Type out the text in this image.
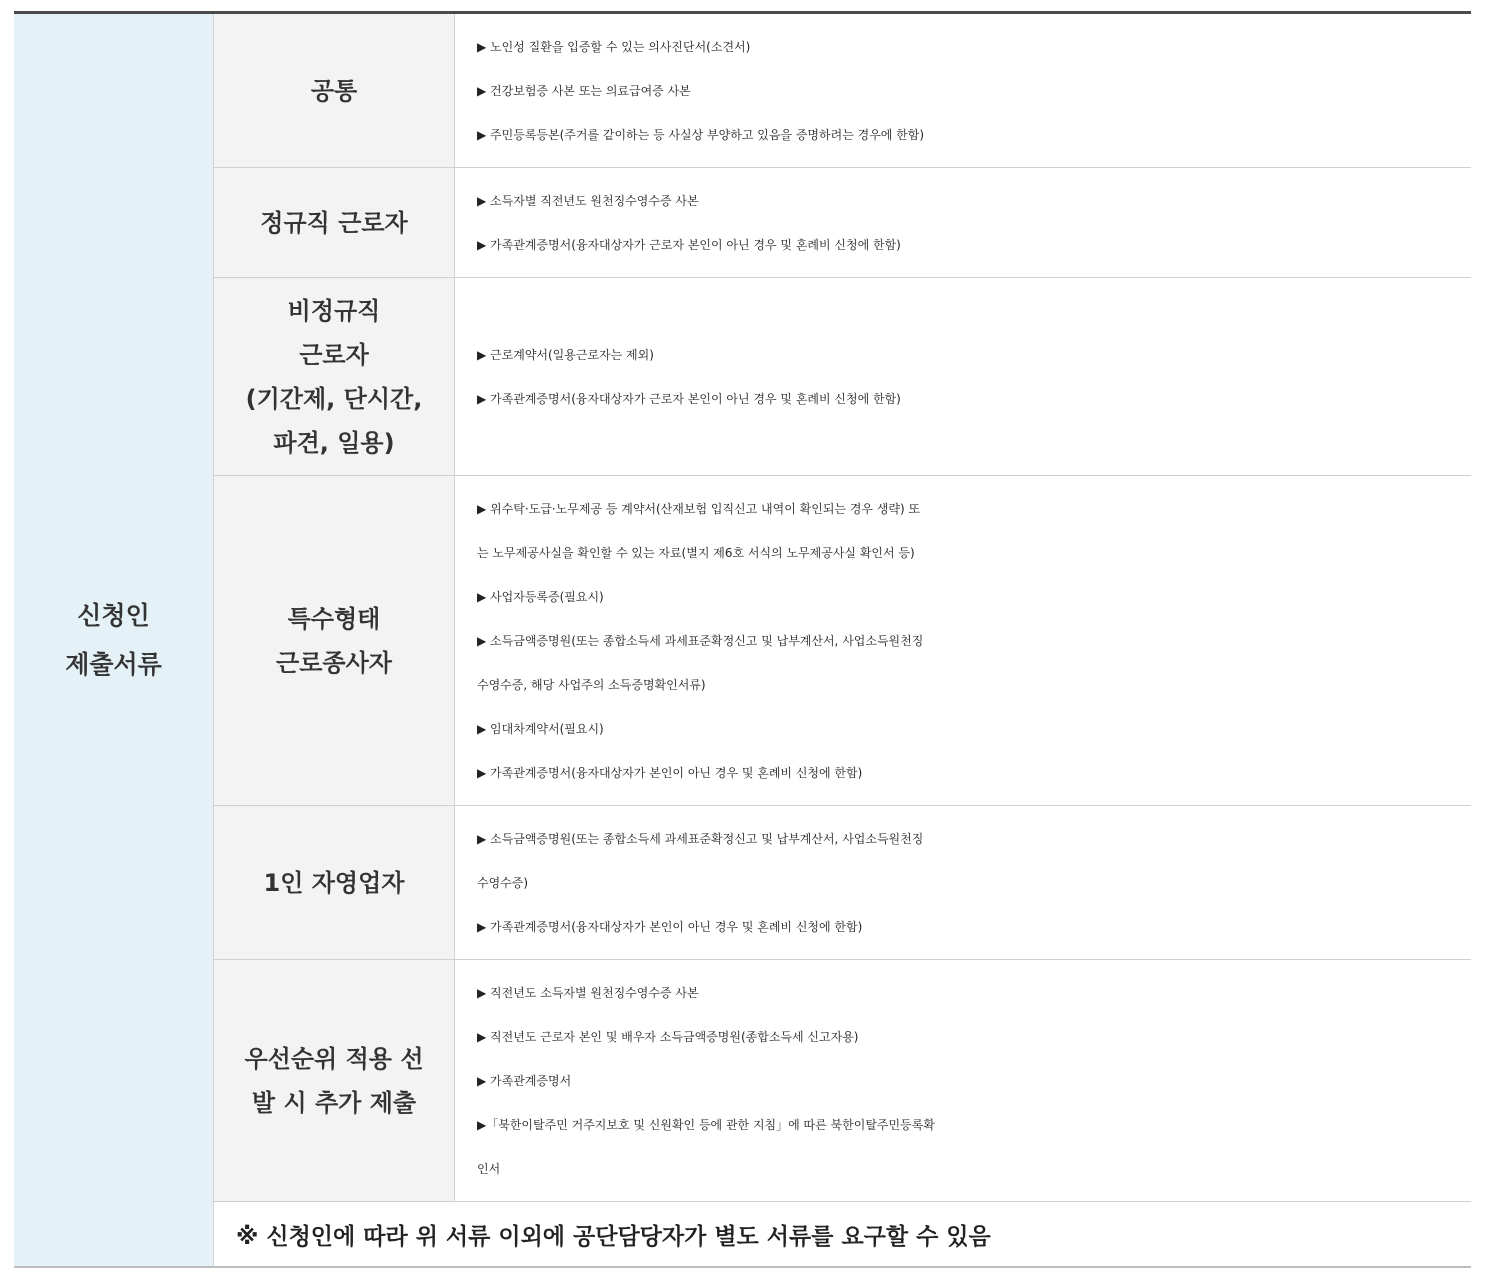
신청인
제출서류
공통
▶ 노인성 질환을 입증할 수 있는 의사진단서(소견서)
▶ 건강보험증 사본 또는 의료급여증 사본
▶ 주민등록등본(주거를 같이하는 등 사실상 부양하고 있음을 증명하려는 경우에 한함)
정규직 근로자
▶ 소득자별 직전년도 원천징수영수증 사본
▶ 가족관계증명서(융자대상자가 근로자 본인이 아닌 경우 및 혼례비 신청에 한함)
비정규직
근로자
(기간제, 단시간,
파견, 일용)
▶ 근로계약서(일용근로자는 제외)
▶ 가족관계증명서(융자대상자가 근로자 본인이 아닌 경우 및 혼례비 신청에 한함)
특수형태
근로종사자
▶ 위수탁·도급·노무제공 등 계약서(산재보험 입직신고 내역이 확인되는 경우 생략) 또
는 노무제공사실을 확인할 수 있는 자료(별지 제6호 서식의 노무제공사실 확인서 등)
▶ 사업자등록증(필요시)
▶ 소득금액증명원(또는 종합소득세 과세표준확정신고 및 납부계산서, 사업소득원천징
수영수증, 해당 사업주의 소득증명확인서류)
▶ 임대차계약서(필요시)
▶ 가족관계증명서(융자대상자가 본인이 아닌 경우 및 혼례비 신청에 한함)
1인 자영업자
▶ 소득금액증명원(또는 종합소득세 과세표준확정신고 및 납부계산서, 사업소득원천징
수영수증)
▶ 가족관계증명서(융자대상자가 본인이 아닌 경우 및 혼례비 신청에 한함)
우선순위 적용 선
발 시 추가 제출
▶ 직전년도 소득자별 원천징수영수증 사본
▶ 직전년도 근로자 본인 및 배우자 소득금액증명원(종합소득세 신고자용)
▶ 가족관계증명서
▶「북한이탈주민 거주지보호 및 신원확인 등에 관한 지침」에 따른 북한이탈주민등록확
인서
※ 신청인에 따라 위 서류 이외에 공단담당자가 별도 서류를 요구할 수 있음
